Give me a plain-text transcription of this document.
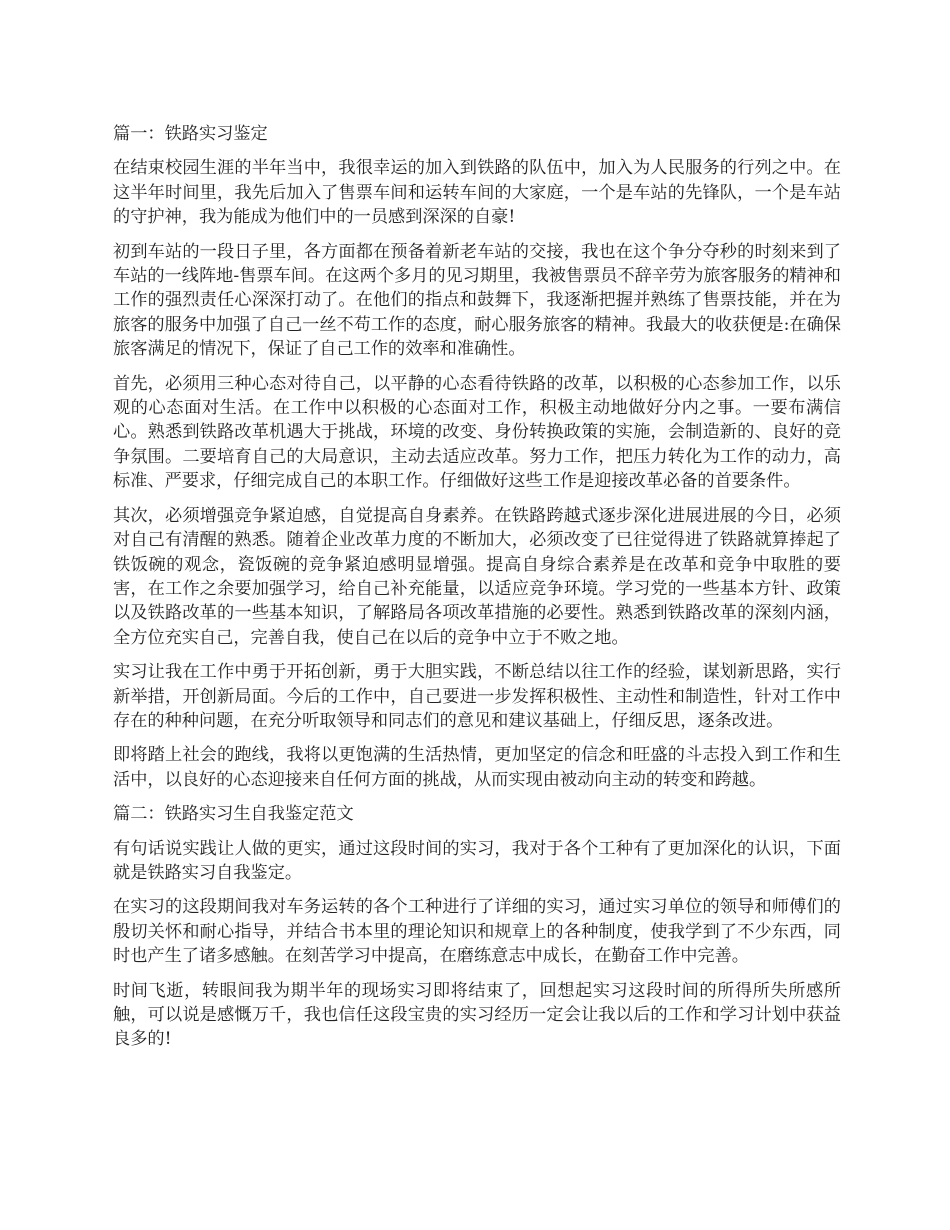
篇一：铁路实习鉴定

在结束校园生涯的半年当中，我很幸运的加入到铁路的队伍中，加入为人民服务的行列之中。在这半年时间里，我先后加入了售票车间和运转车间的大家庭，一个是车站的先锋队，一个是车站的守护神，我为能成为他们中的一员感到深深的自豪!

初到车站的一段日子里，各方面都在预备着新老车站的交接，我也在这个争分夺秒的时刻来到了车站的一线阵地-售票车间。在这两个多月的见习期里，我被售票员不辞辛劳为旅客服务的精神和工作的强烈责任心深深打动了。在他们的指点和鼓舞下，我逐渐把握并熟练了售票技能，并在为旅客的服务中加强了自己一丝不苟工作的态度，耐心服务旅客的精神。我最大的收获便是:在确保旅客满足的情况下，保证了自己工作的效率和准确性。

首先，必须用三种心态对待自己，以平静的心态看待铁路的改革，以积极的心态参加工作，以乐观的心态面对生活。在工作中以积极的心态面对工作，积极主动地做好分内之事。一要布满信心。熟悉到铁路改革机遇大于挑战，环境的改变、身份转换政策的实施，会制造新的、良好的竞争氛围。二要培育自己的大局意识，主动去适应改革。努力工作，把压力转化为工作的动力，高标准、严要求，仔细完成自己的本职工作。仔细做好这些工作是迎接改革必备的首要条件。

其次，必须增强竞争紧迫感，自觉提高自身素养。在铁路跨越式逐步深化进展进展的今日，必须对自己有清醒的熟悉。随着企业改革力度的不断加大，必须改变了已往觉得进了铁路就算捧起了铁饭碗的观念，瓷饭碗的竞争紧迫感明显增强。提高自身综合素养是在改革和竞争中取胜的要害，在工作之余要加强学习，给自己补充能量，以适应竞争环境。学习党的一些基本方针、政策以及铁路改革的一些基本知识，了解路局各项改革措施的必要性。熟悉到铁路改革的深刻内涵，全方位充实自己，完善自我，使自己在以后的竞争中立于不败之地。

实习让我在工作中勇于开拓创新，勇于大胆实践，不断总结以往工作的经验，谋划新思路，实行新举措，开创新局面。今后的工作中，自己要进一步发挥积极性、主动性和制造性，针对工作中存在的种种问题，在充分听取领导和同志们的意见和建议基础上，仔细反思，逐条改进。

即将踏上社会的跑线，我将以更饱满的生活热情，更加坚定的信念和旺盛的斗志投入到工作和生活中，以良好的心态迎接来自任何方面的挑战，从而实现由被动向主动的转变和跨越。

篇二：铁路实习生自我鉴定范文

有句话说实践让人做的更实，通过这段时间的实习，我对于各个工种有了更加深化的认识，下面就是铁路实习自我鉴定。

在实习的这段期间我对车务运转的各个工种进行了详细的实习，通过实习单位的领导和师傅们的殷切关怀和耐心指导，并结合书本里的理论知识和规章上的各种制度，使我学到了不少东西，同时也产生了诸多感触。在刻苦学习中提高，在磨练意志中成长，在勤奋工作中完善。

时间飞逝，转眼间我为期半年的现场实习即将结束了，回想起实习这段时间的所得所失所感所触，可以说是感慨万千，我也信任这段宝贵的实习经历一定会让我以后的工作和学习计划中获益良多的!
